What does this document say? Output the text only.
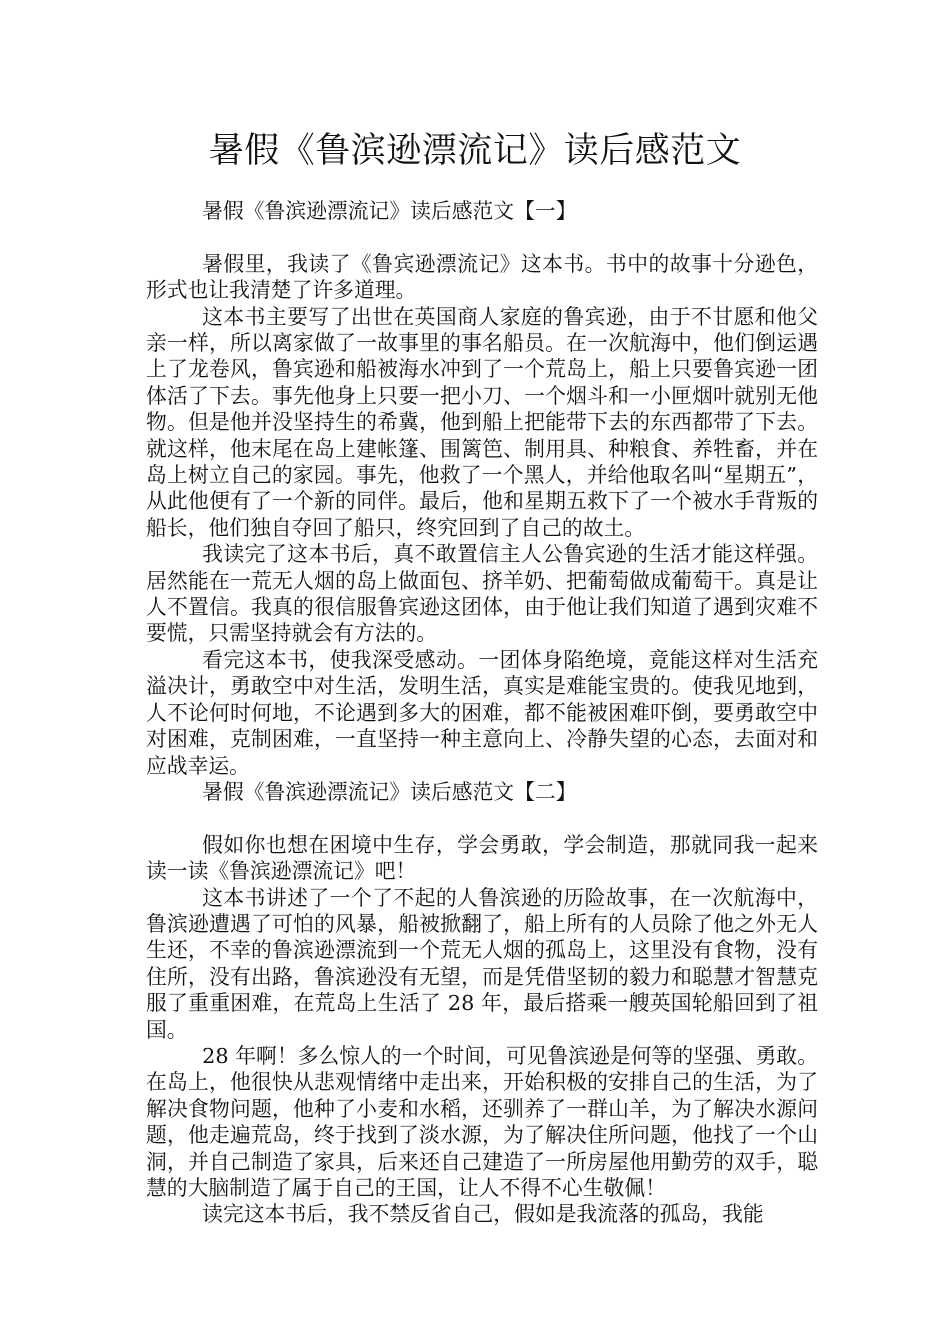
暑假《鲁滨逊漂流记》读后感范文

暑假《鲁滨逊漂流记》读后感范文【一】

暑假里，我读了《鲁宾逊漂流记》这本书。书中的故事十分逊色，形式也让我清楚了许多道理。

这本书主要写了出世在英国商人家庭的鲁宾逊，由于不甘愿和他父亲一样，所以离家做了一故事里的事名船员。在一次航海中，他们倒运遇上了龙卷风，鲁宾逊和船被海水冲到了一个荒岛上，船上只要鲁宾逊一团体活了下去。事先他身上只要一把小刀、一个烟斗和一小匣烟叶就别无他物。但是他并没坚持生的希冀，他到船上把能带下去的东西都带了下去。就这样，他末尾在岛上建帐篷、围篱笆、制用具、种粮食、养牲畜，并在岛上树立自己的家园。事先，他救了一个黑人，并给他取名叫“星期五”，从此他便有了一个新的同伴。最后，他和星期五救下了一个被水手背叛的船长，他们独自夺回了船只，终究回到了自己的故土。

我读完了这本书后，真不敢置信主人公鲁宾逊的生活才能这样强。居然能在一荒无人烟的岛上做面包、挤羊奶、把葡萄做成葡萄干。真是让人不置信。我真的很信服鲁宾逊这团体，由于他让我们知道了遇到灾难不要慌，只需坚持就会有方法的。

看完这本书，使我深受感动。一团体身陷绝境，竟能这样对生活充溢决计，勇敢空中对生活，发明生活，真实是难能宝贵的。使我见地到，人不论何时何地，不论遇到多大的困难，都不能被困难吓倒，要勇敢空中对困难，克制困难，一直坚持一种主意向上、冷静失望的心态，去面对和应战幸运。

暑假《鲁滨逊漂流记》读后感范文【二】

假如你也想在困境中生存，学会勇敢，学会制造，那就同我一起来读一读《鲁滨逊漂流记》吧！

这本书讲述了一个了不起的人鲁滨逊的历险故事，在一次航海中，鲁滨逊遭遇了可怕的风暴，船被掀翻了，船上所有的人员除了他之外无人生还，不幸的鲁滨逊漂流到一个荒无人烟的孤岛上，这里没有食物，没有住所，没有出路，鲁滨逊没有无望，而是凭借坚韧的毅力和聪慧才智慧克服了重重困难，在荒岛上生活了 28 年，最后搭乘一艘英国轮船回到了祖国。

28 年啊！多么惊人的一个时间，可见鲁滨逊是何等的坚强、勇敢。在岛上，他很快从悲观情绪中走出来，开始积极的安排自己的生活，为了解决食物问题，他种了小麦和水稻，还驯养了一群山羊，为了解决水源问题，他走遍荒岛，终于找到了淡水源，为了解决住所问题，他找了一个山洞，并自己制造了家具，后来还自己建造了一所房屋他用勤劳的双手，聪慧的大脑制造了属于自己的王国，让人不得不心生敬佩！

读完这本书后，我不禁反省自己，假如是我流落的孤岛，我能
